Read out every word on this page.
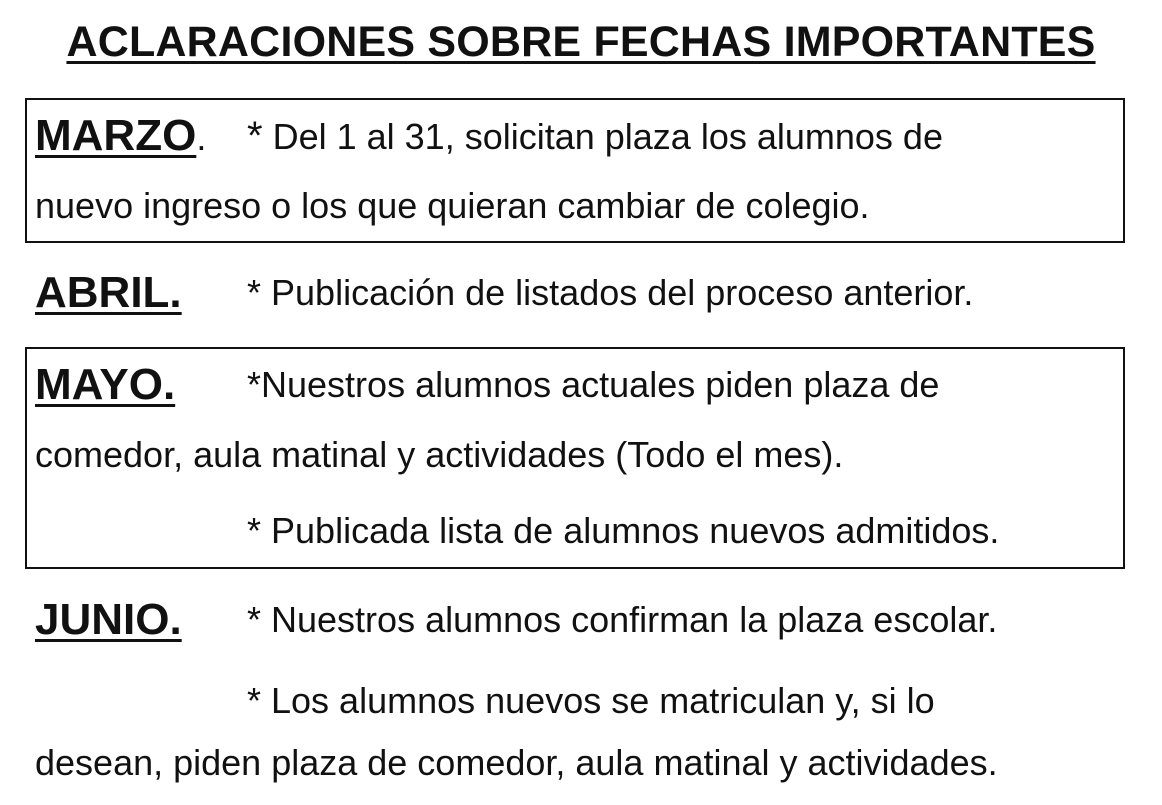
ACLARACIONES SOBRE FECHAS IMPORTANTES
MARZO. * Del 1 al 31, solicitan plaza los alumnos de
nuevo ingreso o los que quieran cambiar de colegio.
ABRIL. * Publicación de listados del proceso anterior.
MAYO. *Nuestros alumnos actuales piden plaza de
comedor, aula matinal y actividades (Todo el mes).
* Publicada lista de alumnos nuevos admitidos.
JUNIO. * Nuestros alumnos confirman la plaza escolar.
* Los alumnos nuevos se matriculan y, si lo
desean, piden plaza de comedor, aula matinal y actividades.
